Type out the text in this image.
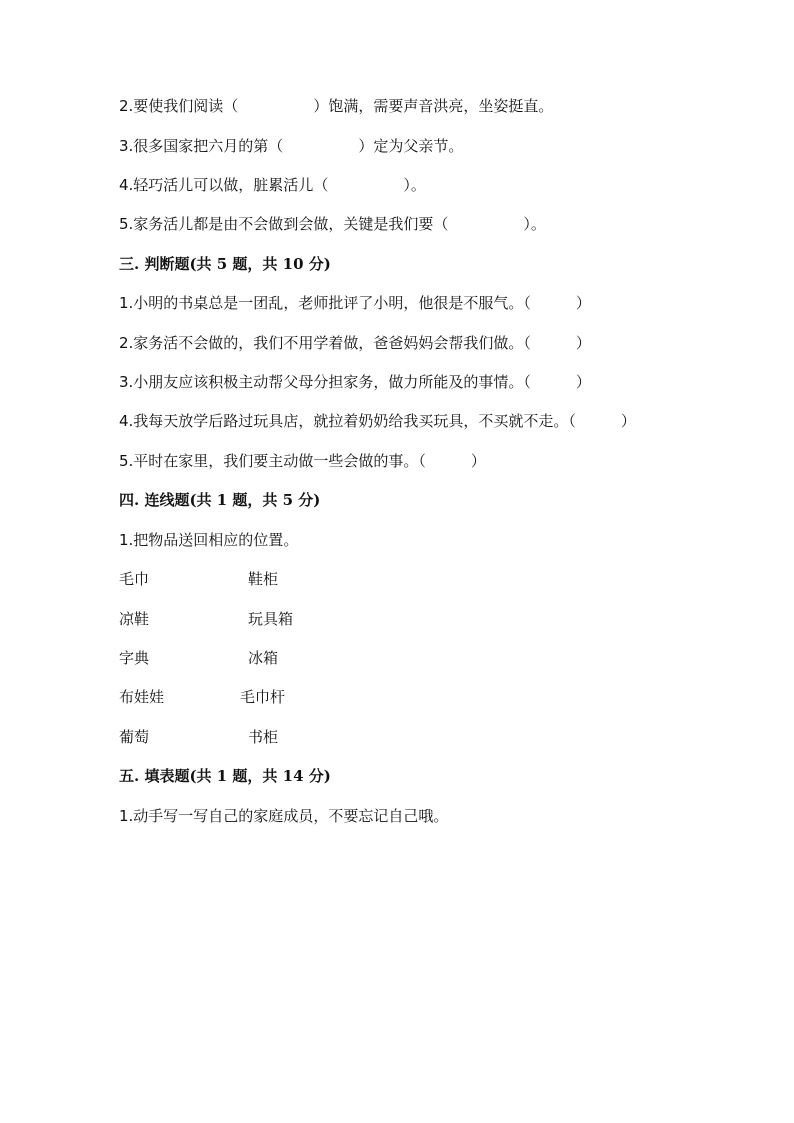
2.要使我们阅读（　　　　　）饱满，需要声音洪亮，坐姿挺直。
3.很多国家把六月的第（　　　　　）定为父亲节。
4.轻巧活儿可以做，脏累活儿（　　　　　）。
5.家务活儿都是由不会做到会做，关键是我们要（　　　　　）。
三. 判断题(共 5 题，共 10 分)
1.小明的书桌总是一团乱，老师批评了小明，他很是不服气。（　　　）
2.家务活不会做的，我们不用学着做，爸爸妈妈会帮我们做。（　　　）
3.小朋友应该积极主动帮父母分担家务，做力所能及的事情。（　　　）
4.我每天放学后路过玩具店，就拉着奶奶给我买玩具，不买就不走。（　　　）
5.平时在家里，我们要主动做一些会做的事。（　　　）
四. 连线题(共 1 题，共 5 分)
1.把物品送回相应的位置。
毛巾	鞋柜
凉鞋	玩具箱
字典	冰箱
布娃娃	毛巾杆
葡萄	书柜
五. 填表题(共 1 题，共 14 分)
1.动手写一写自己的家庭成员，不要忘记自己哦。
